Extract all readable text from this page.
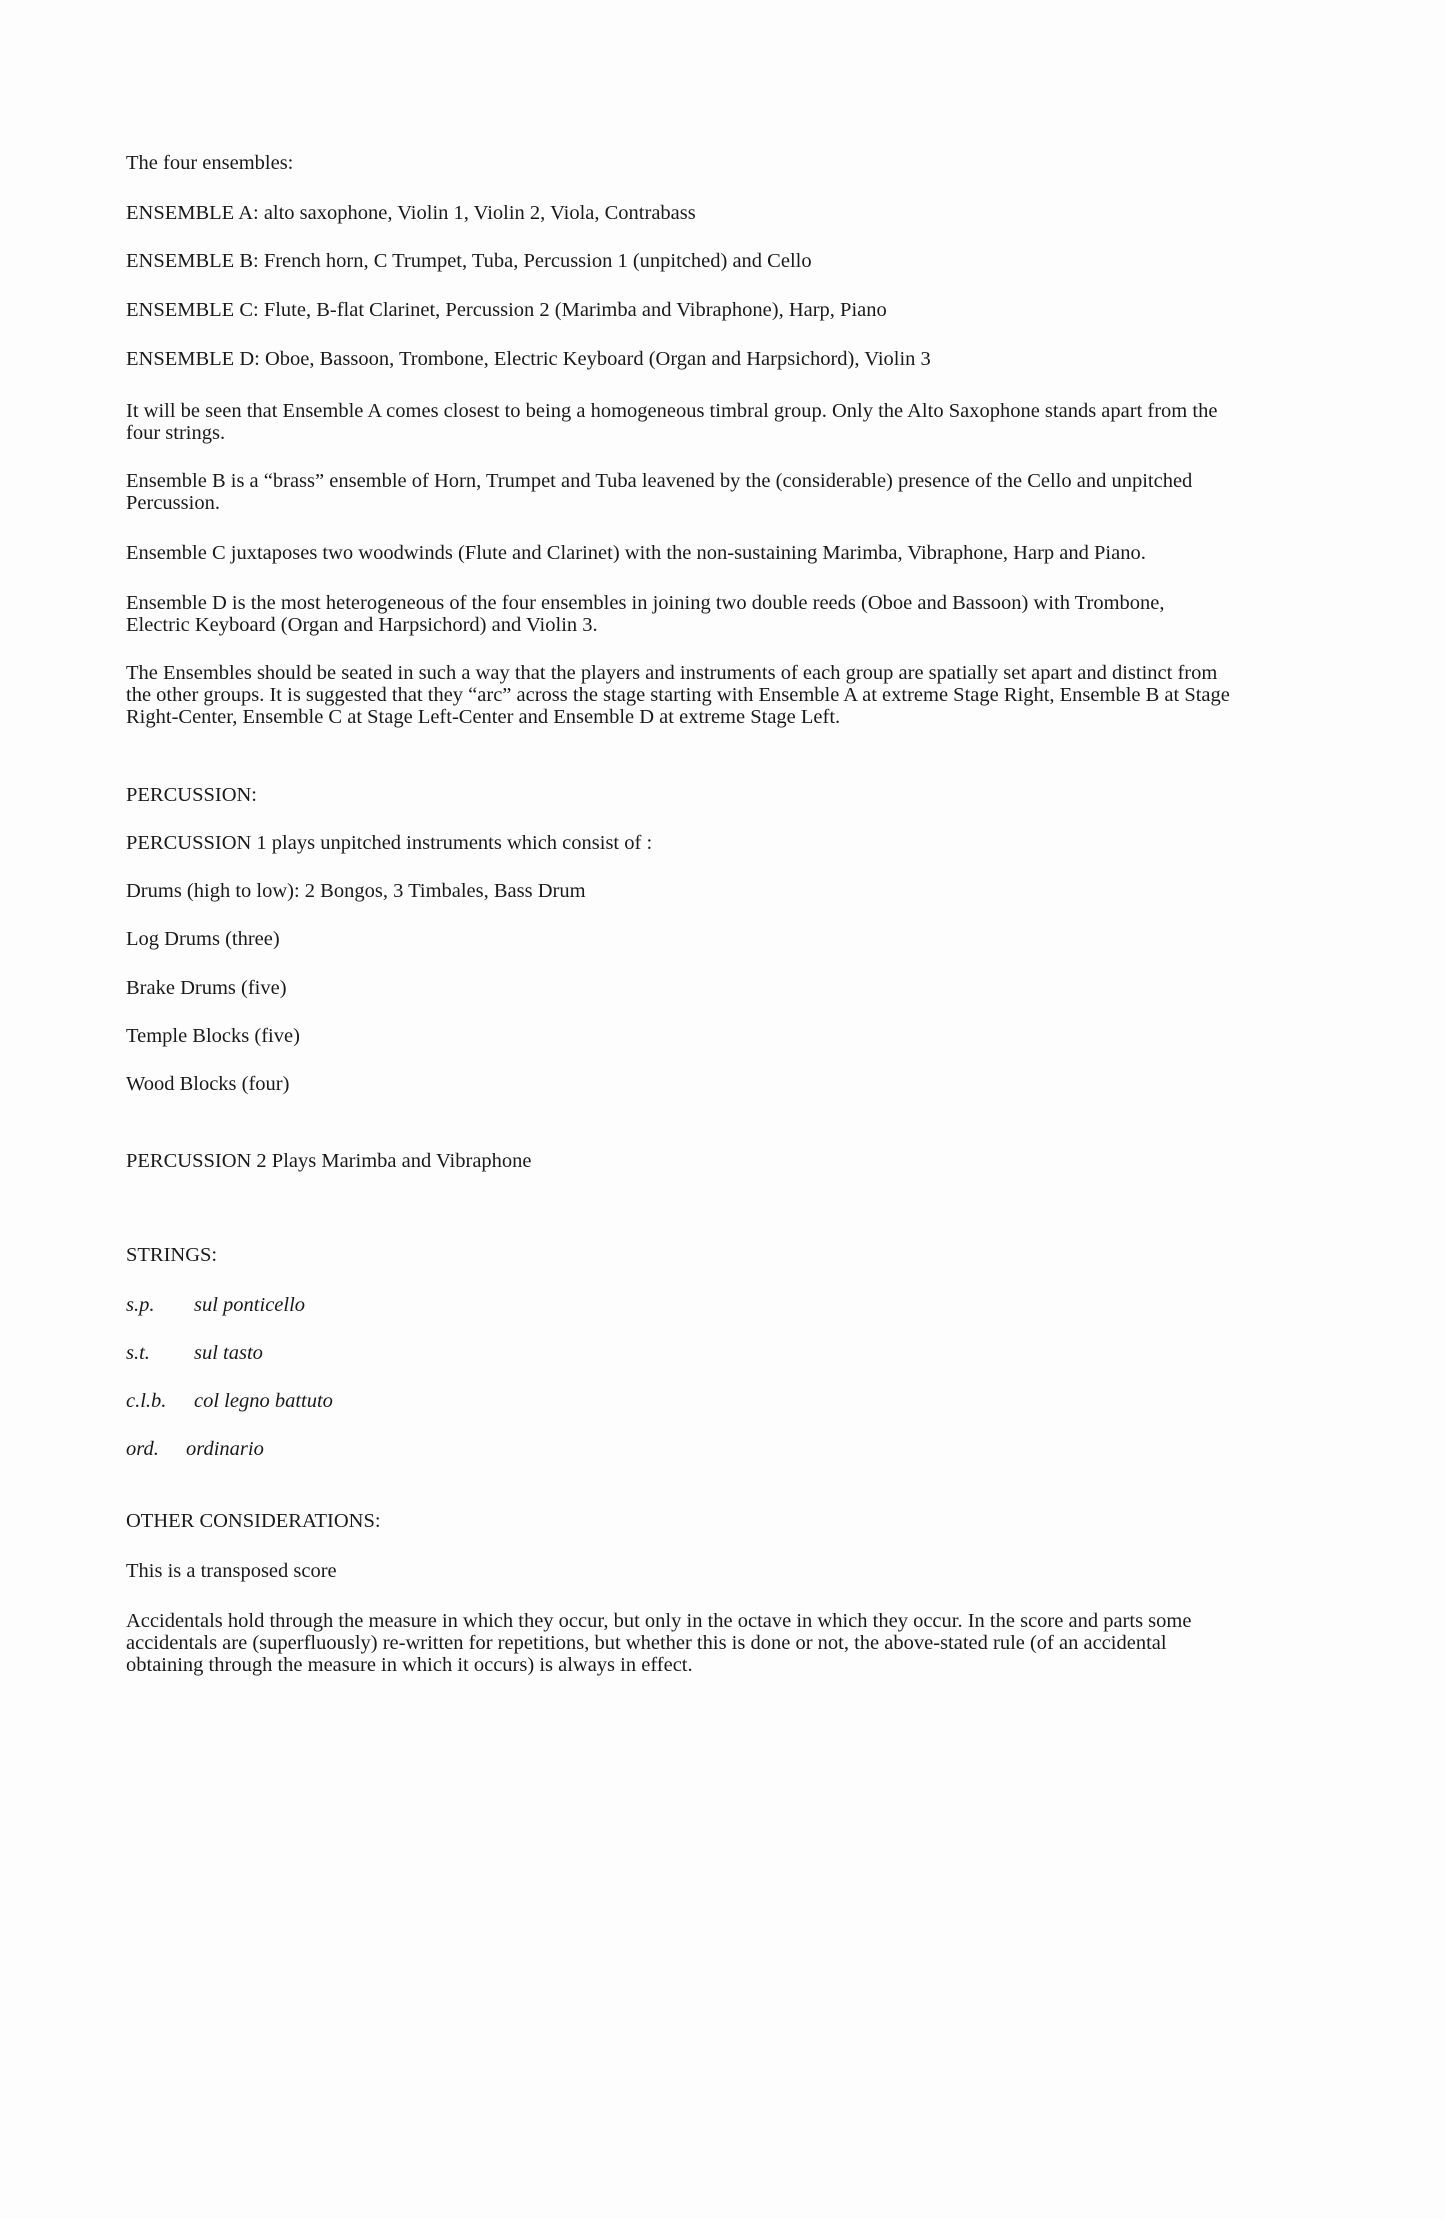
The four ensembles:
ENSEMBLE A: alto saxophone, Violin 1, Violin 2, Viola, Contrabass
ENSEMBLE B: French horn, C Trumpet, Tuba, Percussion 1 (unpitched) and Cello
ENSEMBLE C: Flute, B-flat Clarinet, Percussion 2 (Marimba and Vibraphone), Harp, Piano
ENSEMBLE D: Oboe, Bassoon, Trombone, Electric Keyboard (Organ and Harpsichord), Violin 3
It will be seen that Ensemble A comes closest to being a homogeneous timbral group. Only the Alto Saxophone stands apart from the
four strings.
Ensemble B is a “brass” ensemble of Horn, Trumpet and Tuba leavened by the (considerable) presence of the Cello and unpitched
Percussion.
Ensemble C juxtaposes two woodwinds (Flute and Clarinet) with the non-sustaining Marimba, Vibraphone, Harp and Piano.
Ensemble D is the most heterogeneous of the four ensembles in joining two double reeds (Oboe and Bassoon) with Trombone,
Electric Keyboard (Organ and Harpsichord) and Violin 3.
The Ensembles should be seated in such a way that the players and instruments of each group are spatially set apart and distinct from
the other groups. It is suggested that they “arc” across the stage starting with Ensemble A at extreme Stage Right, Ensemble B at Stage
Right-Center, Ensemble C at Stage Left-Center and Ensemble D at extreme Stage Left.
PERCUSSION:
PERCUSSION 1 plays unpitched instruments which consist of :
Drums (high to low): 2 Bongos, 3 Timbales, Bass Drum
Log Drums (three)
Brake Drums (five)
Temple Blocks (five)
Wood Blocks (four)
PERCUSSION 2 Plays Marimba and Vibraphone
STRINGS:
s.p. sul ponticello
s.t. sul tasto
c.l.b. col legno battuto
ord. ordinario
OTHER CONSIDERATIONS:
This is a transposed score
Accidentals hold through the measure in which they occur, but only in the octave in which they occur. In the score and parts some
accidentals are (superfluously) re-written for repetitions, but whether this is done or not, the above-stated rule (of an accidental
obtaining through the measure in which it occurs) is always in effect.
